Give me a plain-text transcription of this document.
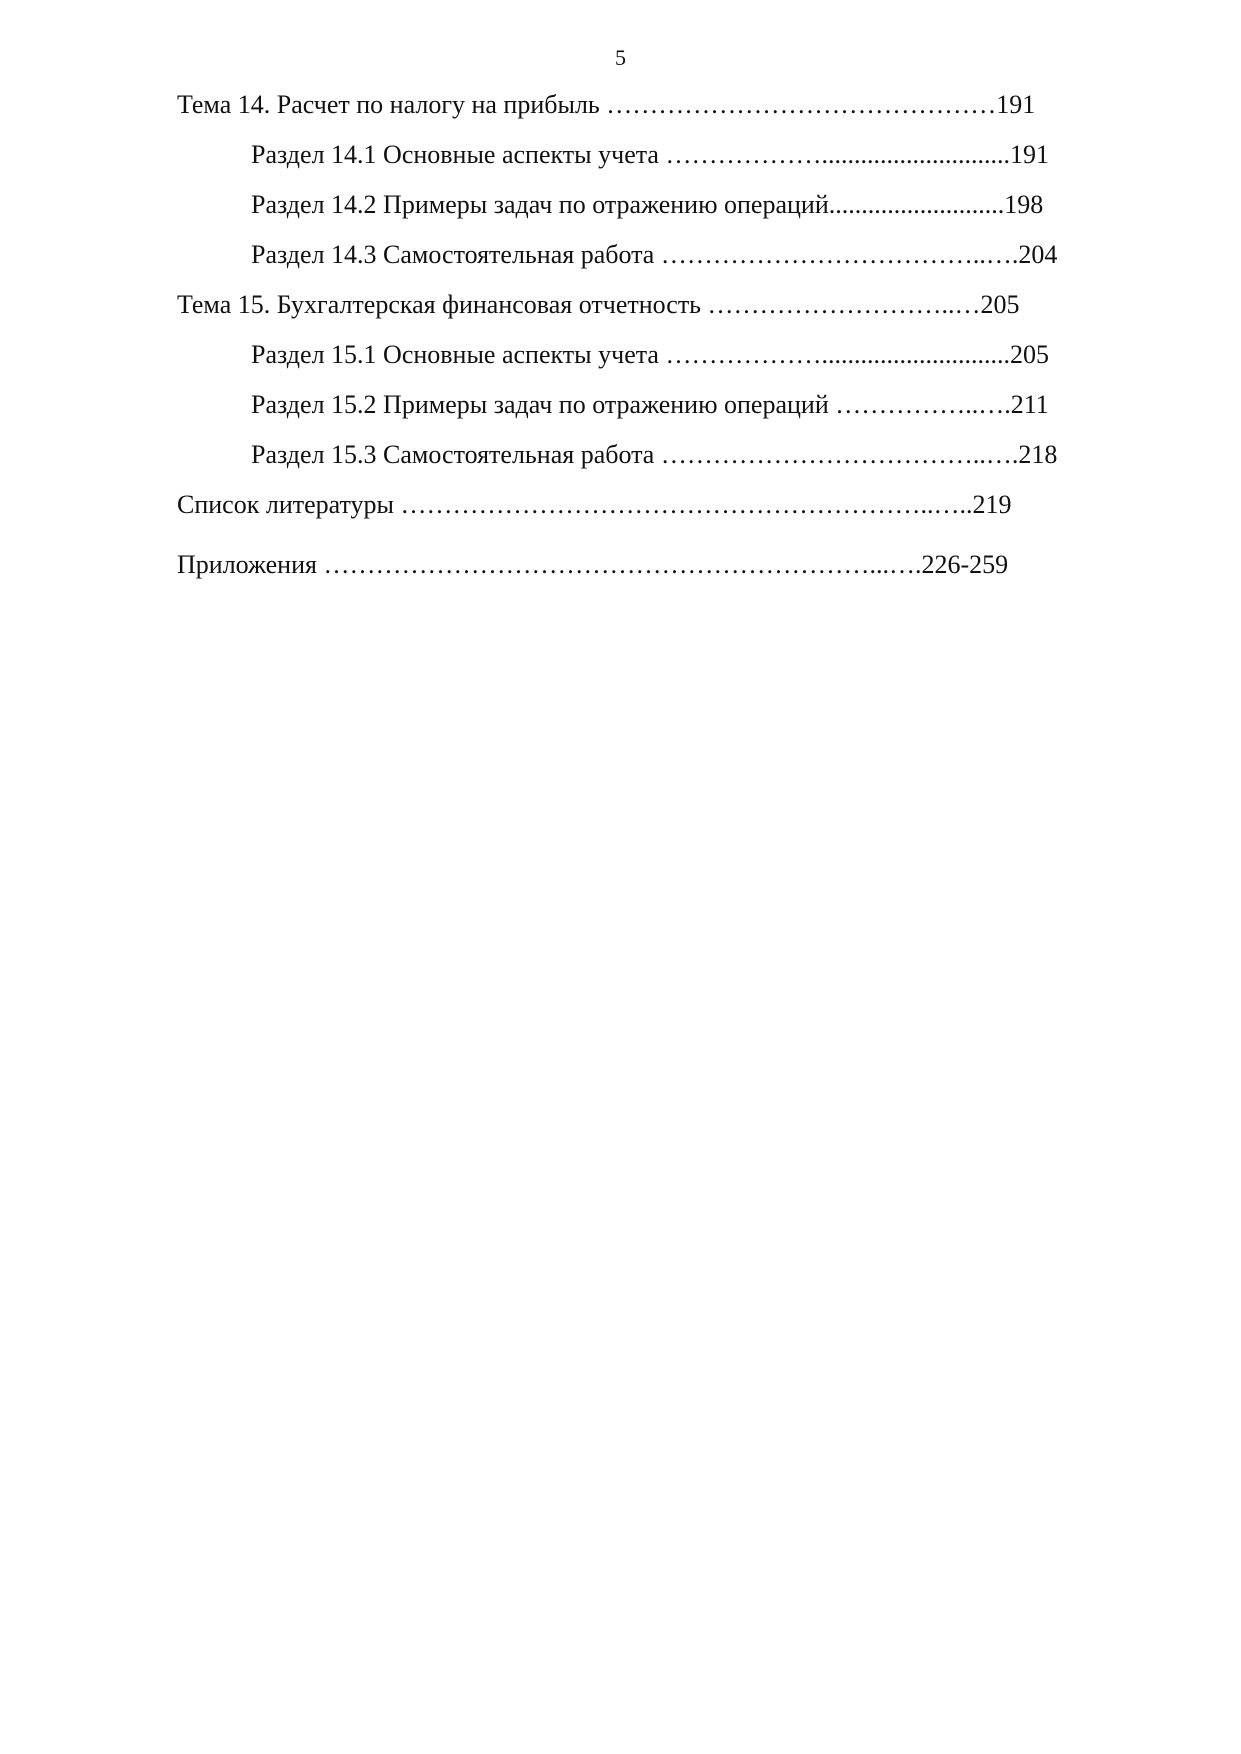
5
Тема 14. Расчет по налогу на прибыль ………………………………………191
Раздел 14.1 Основные аспекты учета ……………….............................191
Раздел 14.2 Примеры задач по отражению операций...........................198
Раздел 14.3 Самостоятельная работа ………………………………..….204
Тема 15. Бухгалтерская финансовая отчетность ………………………..…205
Раздел 15.1 Основные аспекты учета ……………….............................205
Раздел 15.2 Примеры задач по отражению операций ……………..….211
Раздел 15.3 Самостоятельная работа ………………………………..….218
Список литературы ……………………………………………………..…..219
Приложения ………………………………………………………...….226-259
